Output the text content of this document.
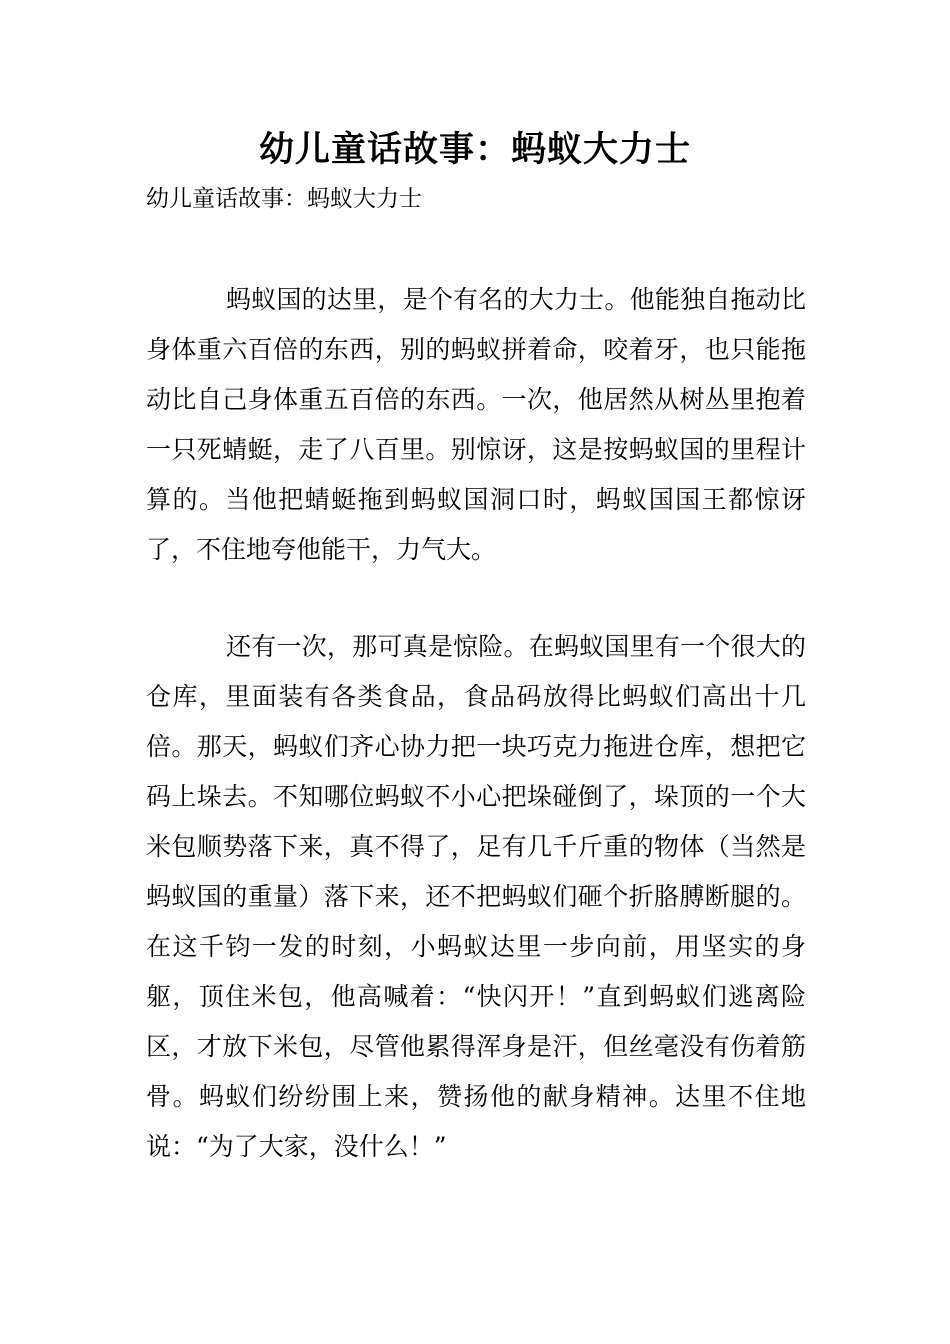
幼儿童话故事：蚂蚁大力士

幼儿童话故事：蚂蚁大力士

蚂蚁国的达里，是个有名的大力士。他能独自拖动比身体重六百倍的东西，别的蚂蚁拼着命，咬着牙，也只能拖动比自己身体重五百倍的东西。一次，他居然从树丛里抱着一只死蜻蜓，走了八百里。别惊讶，这是按蚂蚁国的里程计算的。当他把蜻蜓拖到蚂蚁国洞口时，蚂蚁国国王都惊讶了，不住地夸他能干，力气大。

还有一次，那可真是惊险。在蚂蚁国里有一个很大的仓库，里面装有各类食品，食品码放得比蚂蚁们高出十几倍。那天，蚂蚁们齐心协力把一块巧克力拖进仓库，想把它码上垛去。不知哪位蚂蚁不小心把垛碰倒了，垛顶的一个大米包顺势落下来，真不得了，足有几千斤重的物体（当然是蚂蚁国的重量）落下来，还不把蚂蚁们砸个折胳膊断腿的。在这千钧一发的时刻，小蚂蚁达里一步向前，用坚实的身躯，顶住米包，他高喊着：“快闪开！”直到蚂蚁们逃离险区，才放下米包，尽管他累得浑身是汗，但丝毫没有伤着筋骨。蚂蚁们纷纷围上来，赞扬他的献身精神。达里不住地说：“为了大家，没什么！”
